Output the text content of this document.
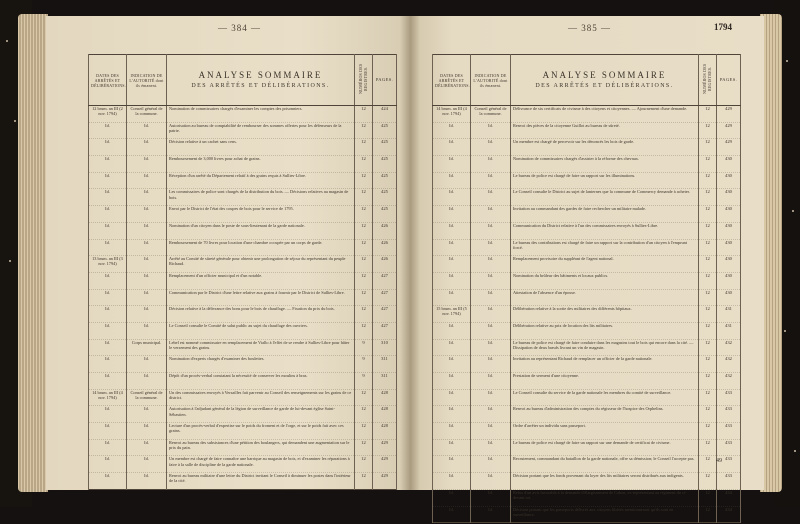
— 384 —	— 385 —	1794
DATES DES ARRÊTÉS ET DÉLIBÉRATIONS.	INDICATION DE L'AUTORITÉ dont ils émanent.	ANALYSE SOMMAIRE
DES ARRÊTÉS ET DÉLIBÉRATIONS.	NUMÉROS DES REGISTRES.	PAGES.
12 brum. an III (2 nov. 1794)	Conseil général de la commune.	Nomination de commissaires chargés d'examiner les comptes des prisonniers.	12	424
Id.	Id.	Autorisation au bureau de comptabilité de rembourser des sommes offertes pour les défenseurs de la patrie.	12	425
Id.	Id.	Décision relative à un cachet sans cens.	12	425
Id.	Id.	Remboursement de 3,000 livres pour achat de grains.	12	425
Id.	Id.	Réception d'un arrêté du Département relatif à des grains requis à Sullies-Libre.	12	425
Id.	Id.	Les commissaires de police sont chargés de la distribution du bois. — Décisions relatives au magasin de bois.	12	425
Id.	Id.	Envoi par le District de l'état des coupes de bois pour le service de 1795.	12	425
Id.	Id.	Nomination d'un citoyen dans le poste de sous-lieutenant de la garde nationale.	12	426
Id.	Id.	Remboursement de 70 livres pour location d'une chambre occupée par un corps de garde.	12	426
13 brum. an III (3 nov. 1794)	Id.	Arrêté au Comité de sûreté générale pour obtenir une prolongation de séjour du représentant du peuple Richaud.	12	426
Id.	Id.	Remplacement d'un officier municipal et d'un notable.	12	427
Id.	Id.	Communication par le District d'une lettre relative aux grains à fournir par le District de Sullies-Libre.	12	427
Id.	Id.	Décision relative à la délivrance des bons pour le bois de chauffage. — Fixation du prix du bois.	12	427
Id.	Id.	Le Conseil consulte le Comité de salut public au sujet du chauffage des ouvriers.	12	427
Id.	Corps municipal.	Lebel est nommé commissaire en remplacement de Viallo à l'effet de se rendre à Sullies-Libre pour hâter le versement des grains.	9	310
Id.	Id.	Nomination d'experts chargés d'examiner des boulettes.	9	311
Id.	Id.	Dépôt d'un procès-verbal constatant la nécessité de conserver les moulins à bras.	9	311
14 brum. an III (4 nov. 1794)	Conseil général de la commune.	Un des commissaires envoyés à Versailles fait parvenir au Conseil des renseignements sur les grains de ce district.	12	428
Id.	Id.	Autorisation à l'adjudant général de la légion de surveillance de garde de lui-devant église Saint-Sébastien.	12	428
Id.	Id.	Lecture d'un procès-verbal d'expertise sur le poids du froment et de l'orge, et sur le poids fait avec ces grains.	12	428
Id.	Id.	Renvoi au bureau des subsistances d'une pétition des boulangers, qui demandent une augmentation sur le prix du pain.	12	429
Id.	Id.	Un membre est chargé de faire connaître une barrique au magasin de bois, et d'examiner les réparations à faire à la salle de discipline de la garde nationale.	12	429
Id.	Id.	Renvoi au bureau militaire d'une lettre du District invitant le Conseil à diminuer les postes dans l'intérieur de la cité.	12	429
DATES DES ARRÊTÉS ET DÉLIBÉRATIONS.	INDICATION DE L'AUTORITÉ dont ils émanent.	ANALYSE SOMMAIRE
DES ARRÊTÉS ET DÉLIBÉRATIONS.	NUMÉROS DES REGISTRES.	PAGES.
14 brum. an III (4 nov. 1794)	Conseil général de la commune.	Délivrance de six certificats de civisme à des citoyens et citoyennes. — Ajournement d'une demande.	12	429
Id.	Id.	Renvoi des pièces de la citoyenne Guillot au bureau de sûreté.	12	429
Id.	Id.	Un membre est chargé de percevoir sur les dénoncés les bois de garde.	12	429
Id.	Id.	Nomination de commissaires chargés d'assister à la réforme des chevaux.	12	430
Id.	Id.	Le bureau de police est chargé de faire un rapport sur les illuminations.	12	430
Id.	Id.	Le Conseil consulte le District au sujet de lanternes que la commune de Commercy demande à acheter.	12	430
Id.	Id.	Invitation au commandant des gardes de faire rechercher un militaire malade.	12	430
Id.	Id.	Communication du District relative à l'un des commissaires envoyés à Sullies-Libre.	12	430
Id.	Id.	Le bureau des contributions est chargé de faire un rapport sur la contribution d'un citoyen à l'emprunt forcé.	12	430
Id.	Id.	Remplacement provisoire du suppléant de l'agent national.	12	430
Id.	Id.	Nomination du brûleur des bâtiments et locaux publics.	12	430
Id.	Id.	Attestation de l'absence d'un épouse.	12	430
15 brum. an III (5 nov. 1794)	Id.	Délibération relative à la sortie des militaires des différents hôpitaux.	12	431
Id.	Id.	Délibération relative au prix de location des lits militaires.	12	431
Id.	Id.	Le bureau de police est chargé de faire conduire dans les magasins tout le bois qui encore dans la cité. — Dissipation de deux bœufs livrant un vin de magasin.	12	432
Id.	Id.	Invitation au représentant Richaud de remplacer un officier de la garde nationale.	12	432
Id.	Id.	Prestation de serment d'une citoyenne.	12	432
Id.	Id.	Le Conseil consulte du service de la garde nationale les membres du comité de surveillance.	12	433
Id.	Id.	Renvoi au bureau d'administration des comptes du régisseur de l'hospice des Orphelins.	12	433
Id.	Id.	Ordre d'arrêter un individu sans passeport.	12	433
Id.	Id.	Le bureau de police est chargé de faire un rapport sur une demande de certificat de civisme.	12	433
Id.	Id.	Recrutement, commandant du bataillon de la garde nationale, offre sa démission; le Conseil l'accepte pas.	12	433
Id.	Id.	Décision portant que les fonds provenant du loyer des lits militaires seront distribués aux indigents.	12	433
Id.	Id.	Refus d'un avis favorable à la demande d'élargissement de Cabon, ex-représentant au régiment du ci-devant roi.	12	434
Id.	Id.	Décision portant que les passeports délivrés aux citoyens libérés mentionneront qu'ils sont en surveillance.	12	434
49
